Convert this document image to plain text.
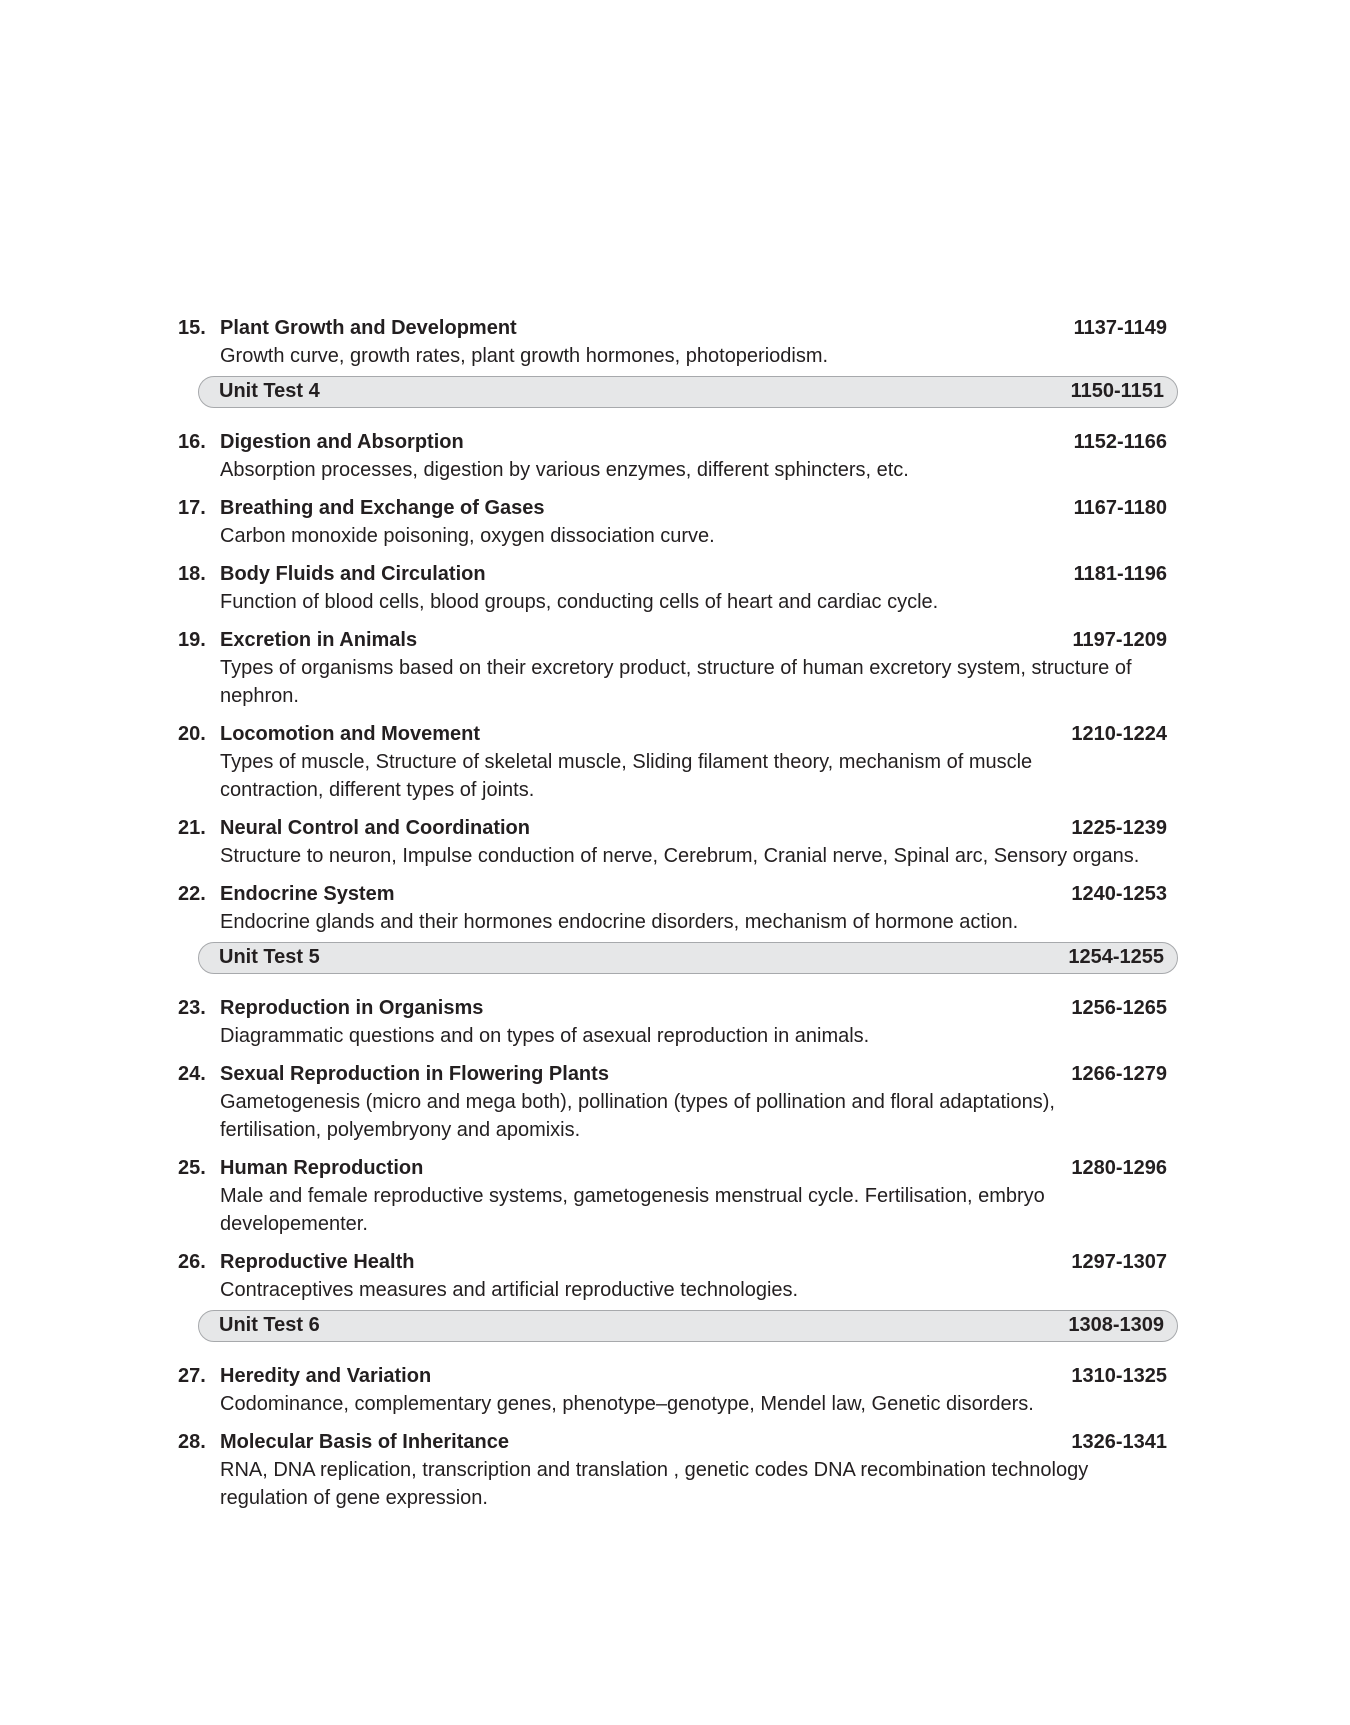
15. Plant Growth and Development	1137-1149
Growth curve, growth rates, plant growth hormones, photoperiodism.
Unit Test 4	1150-1151
16. Digestion and Absorption	1152-1166
Absorption processes, digestion by various enzymes, different sphincters, etc.
17. Breathing and Exchange of Gases	1167-1180
Carbon monoxide poisoning, oxygen dissociation curve.
18. Body Fluids and Circulation	1181-1196
Function of blood cells, blood groups, conducting cells of heart and cardiac cycle.
19. Excretion in Animals	1197-1209
Types of organisms based on their excretory product, structure of human excretory system, structure of nephron.
20. Locomotion and Movement	1210-1224
Types of muscle, Structure of skeletal muscle, Sliding filament theory, mechanism of muscle contraction, different types of joints.
21. Neural Control and Coordination	1225-1239
Structure to neuron, Impulse conduction of nerve, Cerebrum, Cranial nerve, Spinal arc, Sensory organs.
22. Endocrine System	1240-1253
Endocrine glands and their hormones endocrine disorders, mechanism of hormone action.
Unit Test 5	1254-1255
23. Reproduction in Organisms	1256-1265
Diagrammatic questions and on types of asexual reproduction in animals.
24. Sexual Reproduction in Flowering Plants	1266-1279
Gametogenesis (micro and mega both), pollination (types of pollination and floral adaptations), fertilisation, polyembryony and apomixis.
25. Human Reproduction	1280-1296
Male and female reproductive systems, gametogenesis menstrual cycle. Fertilisation, embryo developementer.
26. Reproductive Health	1297-1307
Contraceptives measures and artificial reproductive technologies.
Unit Test 6	1308-1309
27. Heredity and Variation	1310-1325
Codominance, complementary genes, phenotype–genotype, Mendel law, Genetic disorders.
28. Molecular Basis of Inheritance	1326-1341
RNA, DNA replication, transcription and translation , genetic codes DNA recombination technology regulation of gene expression.
